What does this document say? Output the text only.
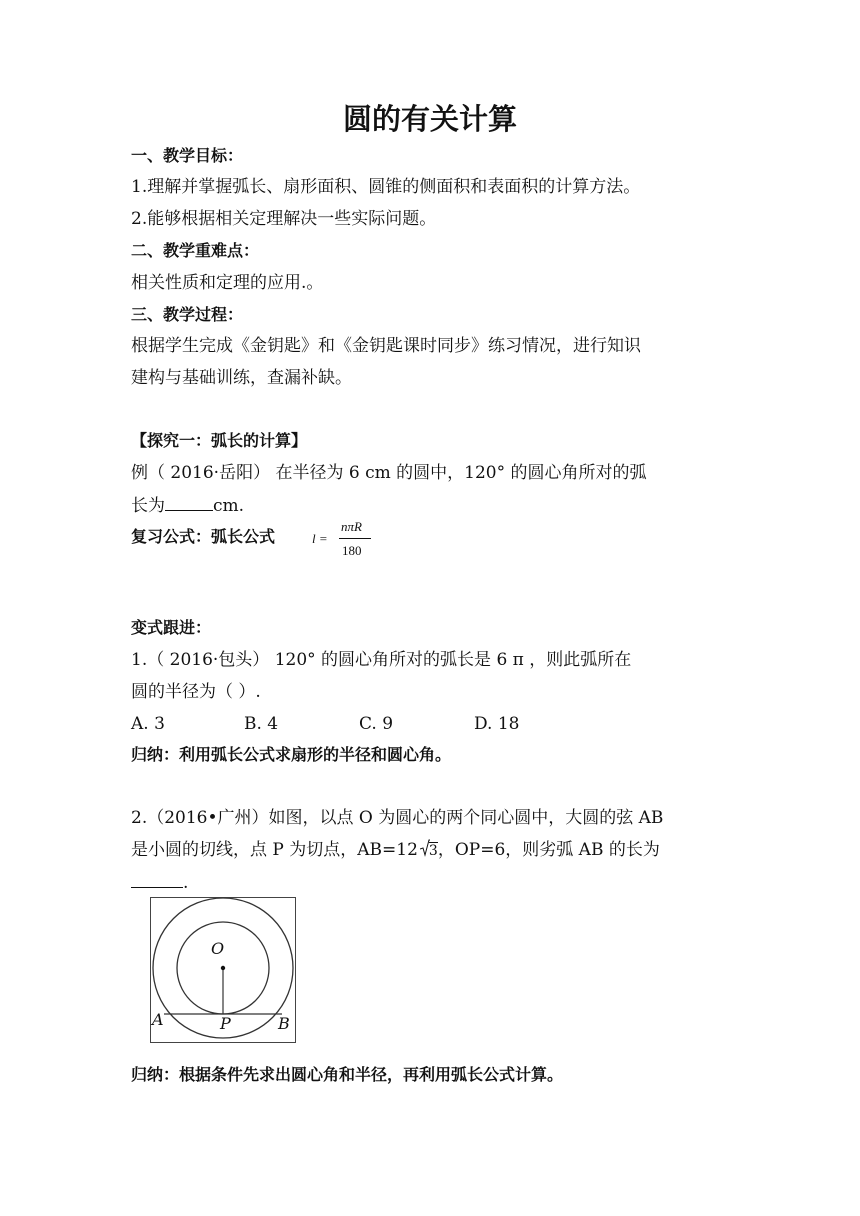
圆的有关计算
一、教学目标：
1.理解并掌握弧长、扇形面积、圆锥的侧面积和表面积的计算方法。
2.能够根据相关定理解决一些实际问题。
二、教学重难点：
相关性质和定理的应用.。
三、教学过程：
根据学生完成《金钥匙》和《金钥匙课时同步》练习情况，进行知识
建构与基础训练，查漏补缺。
【探究一：弧长的计算】
例（ 2016·岳阳） 在半径为 6 cm 的圆中，120° 的圆心角所对的弧
长为	cm.
复习公式：弧长公式	l =
nπR
180
变式跟进：
1.（ 2016·包头） 120° 的圆心角所对的弧长是 6 π ，则此弧所在
圆的半径为（ ）.
A. 3	B. 4	C. 9	D. 18
归纳：利用弧长公式求扇形的半径和圆心角。
2.（2016•广州）如图，以点 O 为圆心的两个同心圆中，大圆的弦 AB
是小圆的切线，点 P 为切点，AB=12 3，OP=6，则劣弧 AB 的长为
.
O
A	P	B
归纳：根据条件先求出圆心角和半径，再利用弧长公式计算。
